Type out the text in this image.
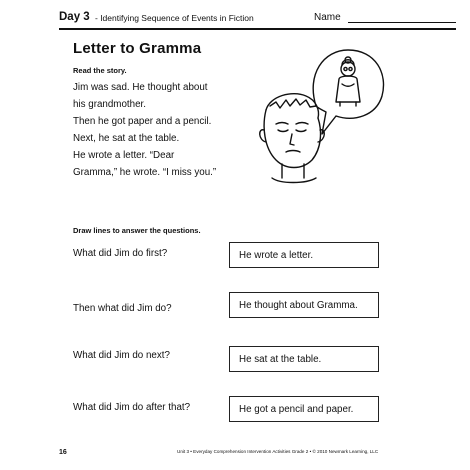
Day 3 - Identifying Sequence of Events in Fiction	Name
Letter to Gramma
Read the story.
Jim was sad. He thought about
his grandmother.
Then he got paper and a pencil.
Next, he sat at the table.
He wrote a letter. “Dear
Gramma,” he wrote. “I miss you.”
Draw lines to answer the questions.
What did Jim do first?
Then what did Jim do?
What did Jim do next?
What did Jim do after that?
He wrote a letter.
He thought about Gramma.
He sat at the table.
He got a pencil and paper.
16	Unit 3 • Everyday Comprehension Intervention Activities Grade 2 • © 2010 Newmark Learning, LLC
